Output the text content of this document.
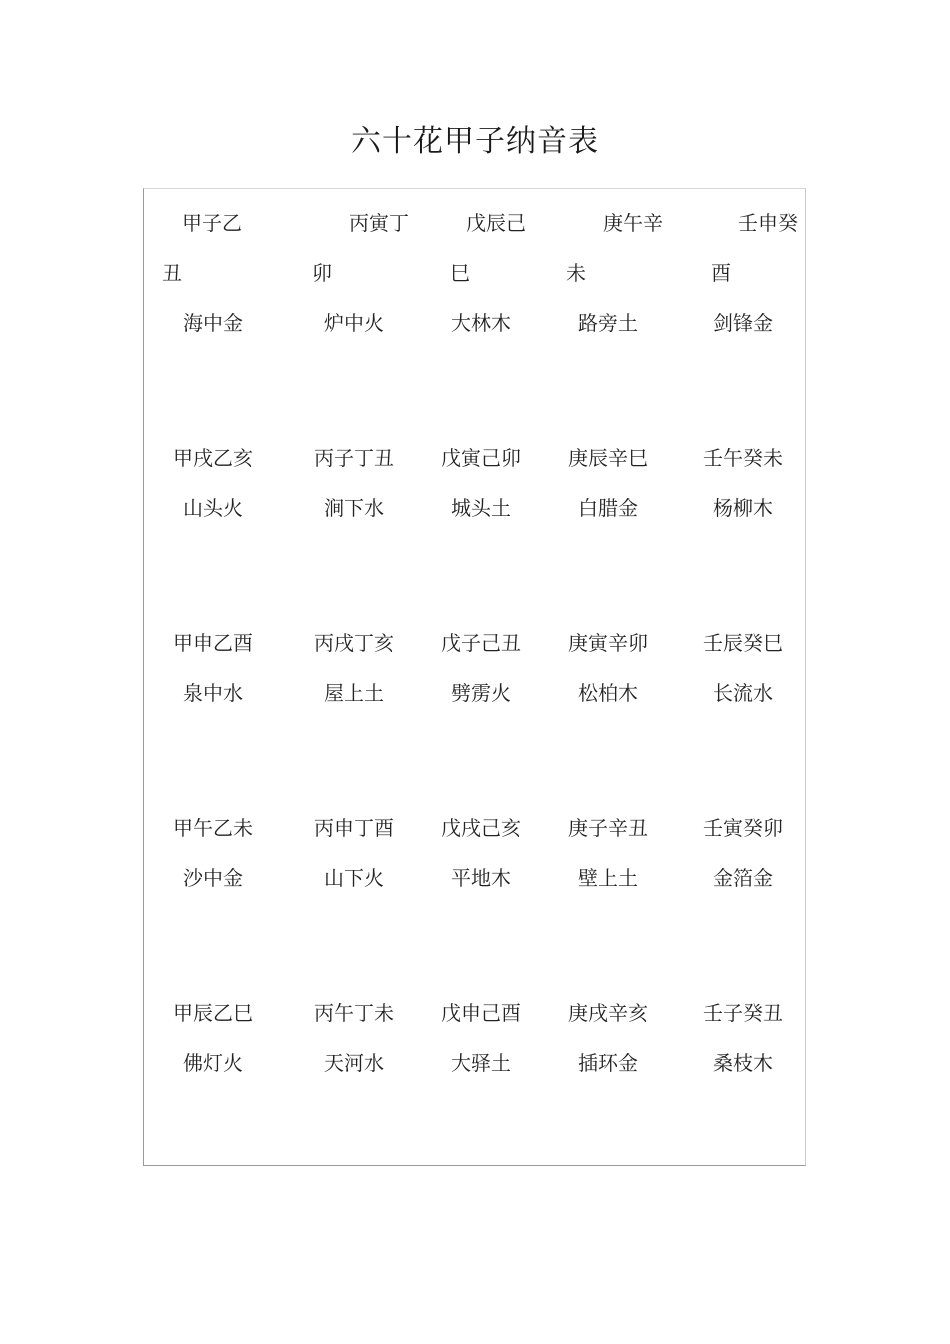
六十花甲子纳音表
甲子乙
丑
海中金
丙寅丁
卯
炉中火
戊辰己
巳
大林木
庚午辛
未
路旁土
壬申癸
酉
剑锋金
甲戌乙亥
山头火
丙子丁丑
涧下水
戊寅己卯
城头土
庚辰辛巳
白腊金
壬午癸未
杨柳木
甲申乙酉
泉中水
丙戌丁亥
屋上土
戊子己丑
劈雳火
庚寅辛卯
松柏木
壬辰癸巳
长流水
甲午乙未
沙中金
丙申丁酉
山下火
戊戌己亥
平地木
庚子辛丑
壁上土
壬寅癸卯
金箔金
甲辰乙巳
佛灯火
丙午丁未
天河水
戊申己酉
大驿土
庚戌辛亥
插环金
壬子癸丑
桑枝木
